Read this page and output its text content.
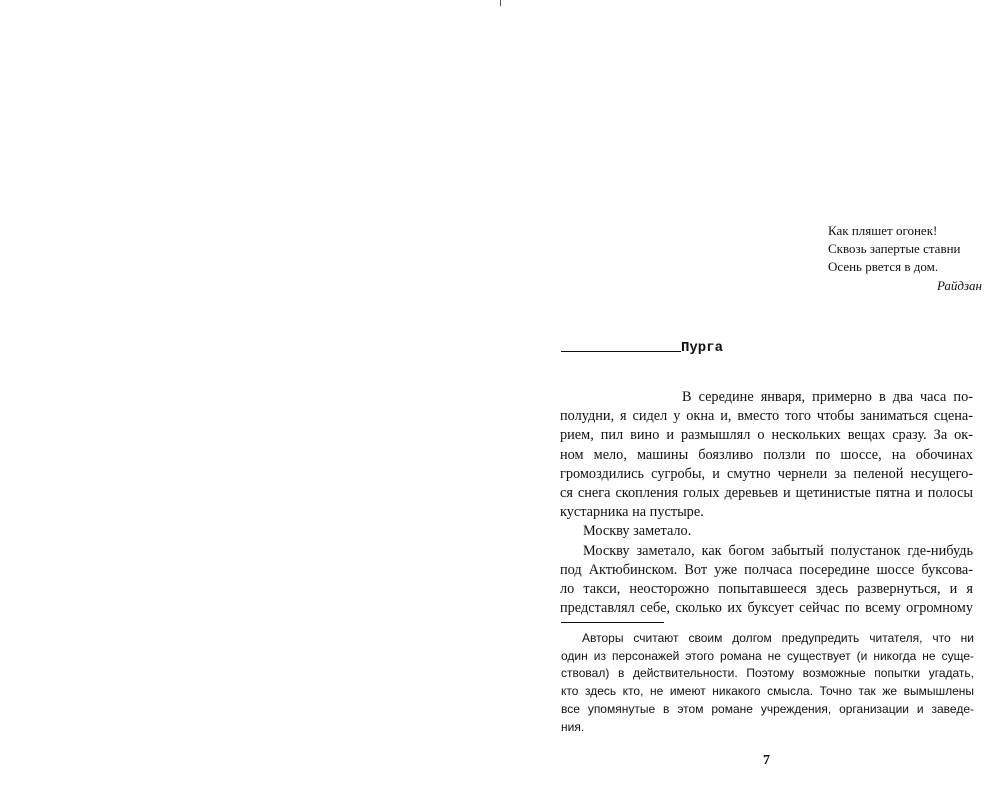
Как пляшет огонек!
Сквозь запертые ставни
Осень рвется в дом.
Райдзан
Пурга
В середине января, примерно в два часа по-
полудни, я сидел у окна и, вместо того чтобы заниматься сцена-
рием, пил вино и размышлял о нескольких вещах сразу. За ок-
ном мело, машины боязливо ползли по шоссе, на обочинах
громоздились сугробы, и смутно чернели за пеленой несущего-
ся снега скопления голых деревьев и щетинистые пятна и полосы
кустарника на пустыре.
Москву заметало.
Москву заметало, как богом забытый полустанок где-нибудь
под Актюбинском. Вот уже полчаса посередине шоссе буксова-
ло такси, неосторожно попытавшееся здесь развернуться, и я
представлял себе, сколько их буксует сейчас по всему огромному
Авторы считают своим долгом предупредить читателя, что ни
один из персонажей этого романа не существует (и никогда не суще-
ствовал) в действительности. Поэтому возможные попытки угадать,
кто здесь кто, не имеют никакого смысла. Точно так же вымышлены
все упомянутые в этом романе учреждения, организации и заведе-
ния.
7
